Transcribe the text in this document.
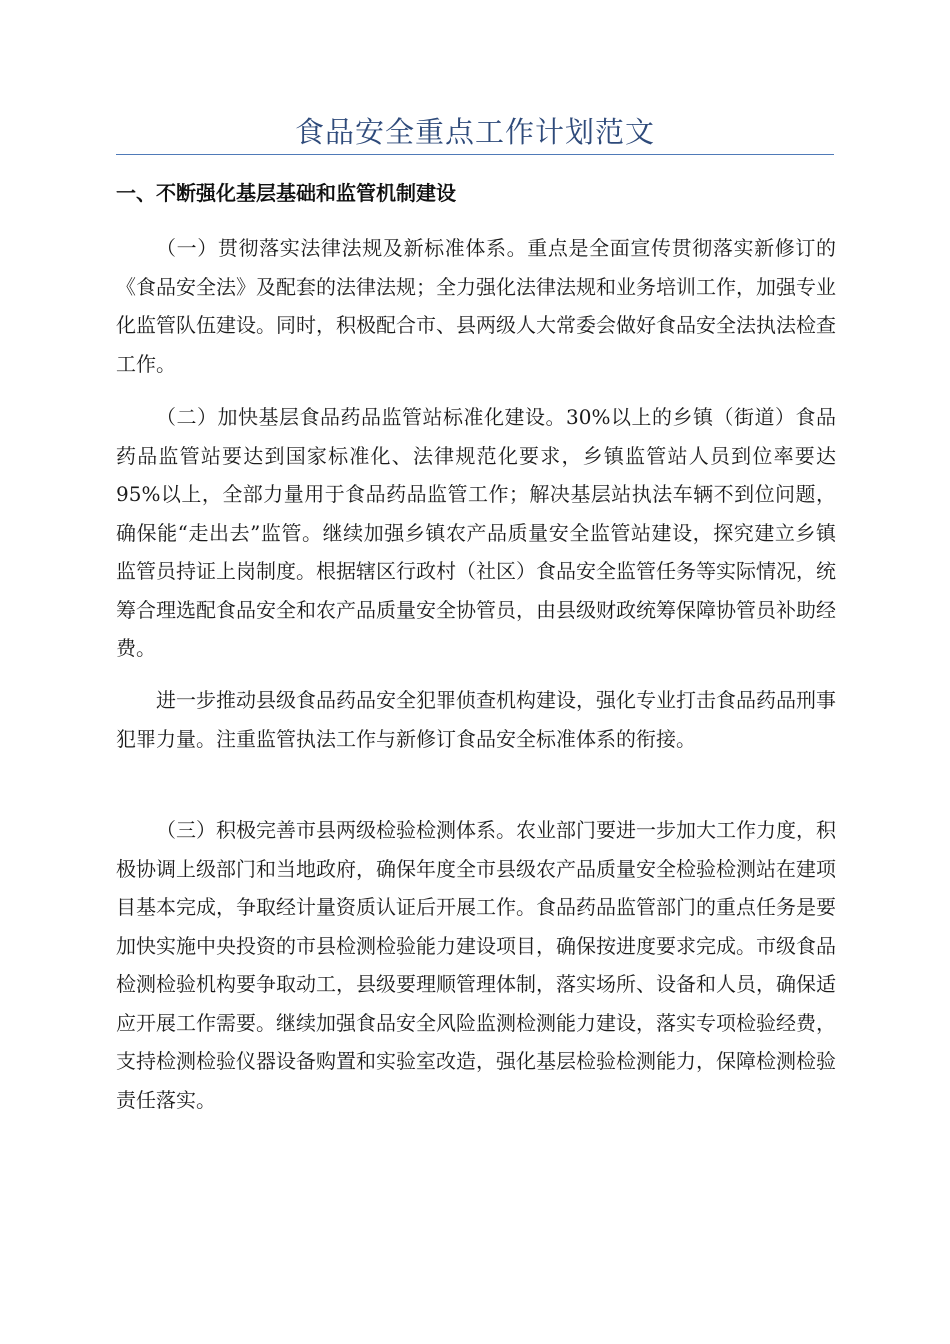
食品安全重点工作计划范文
一、不断强化基层基础和监管机制建设

（一）贯彻落实法律法规及新标准体系。重点是全面宣传贯彻落实新修订的《食品安全法》及配套的法律法规；全力强化法律法规和业务培训工作，加强专业化监管队伍建设。同时，积极配合市、县两级人大常委会做好食品安全法执法检查工作。

（二）加快基层食品药品监管站标准化建设。30%以上的乡镇（街道）食品药品监管站要达到国家标准化、法律规范化要求，乡镇监管站人员到位率要达95%以上，全部力量用于食品药品监管工作；解决基层站执法车辆不到位问题，确保能“走出去”监管。继续加强乡镇农产品质量安全监管站建设，探究建立乡镇监管员持证上岗制度。根据辖区行政村（社区）食品安全监管任务等实际情况，统筹合理选配食品安全和农产品质量安全协管员，由县级财政统筹保障协管员补助经费。

进一步推动县级食品药品安全犯罪侦查机构建设，强化专业打击食品药品刑事犯罪力量。注重监管执法工作与新修订食品安全标准体系的衔接。

（三）积极完善市县两级检验检测体系。农业部门要进一步加大工作力度，积极协调上级部门和当地政府，确保年度全市县级农产品质量安全检验检测站在建项目基本完成，争取经计量资质认证后开展工作。食品药品监管部门的重点任务是要加快实施中央投资的市县检测检验能力建设项目，确保按进度要求完成。市级食品检测检验机构要争取动工，县级要理顺管理体制，落实场所、设备和人员，确保适应开展工作需要。继续加强食品安全风险监测检测能力建设，落实专项检验经费，支持检测检验仪器设备购置和实验室改造，强化基层检验检测能力，保障检测检验责任落实。
